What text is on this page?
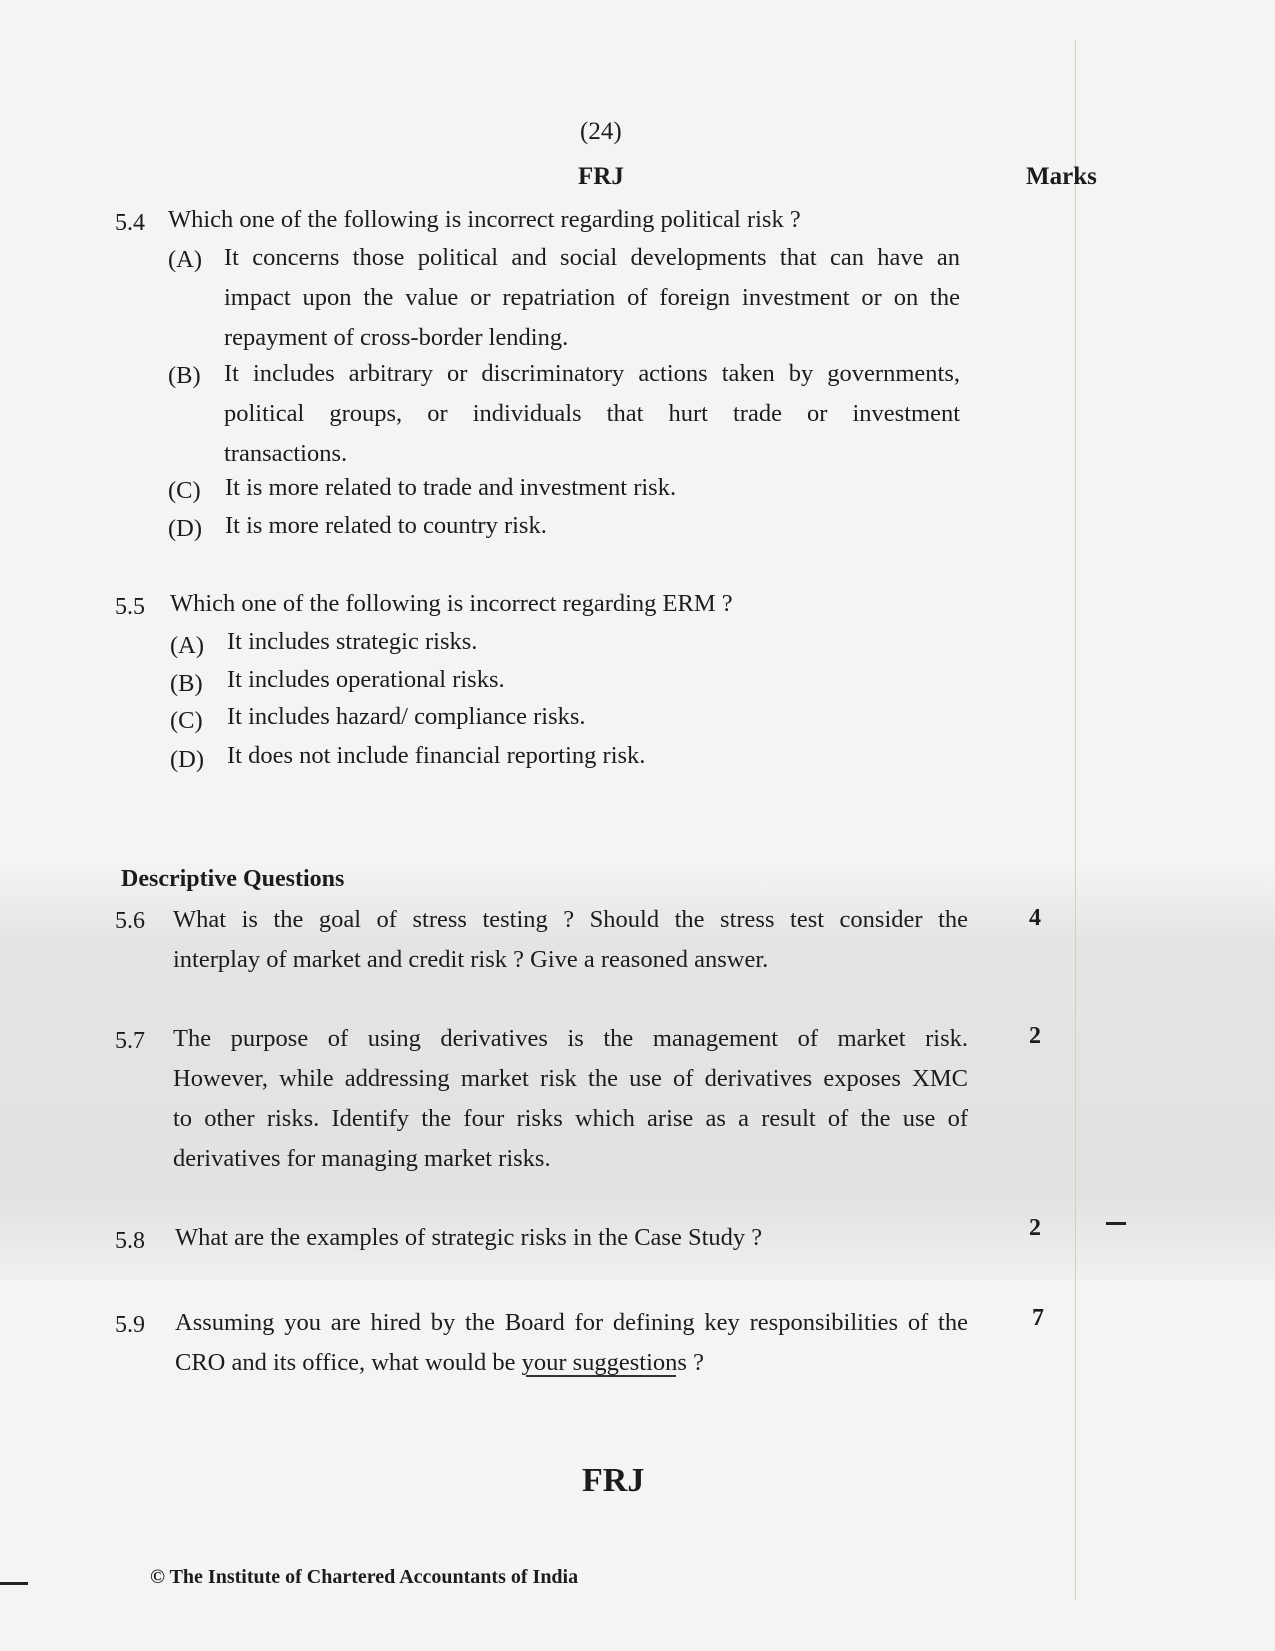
(24)
FRJ	Marks
5.4 Which one of the following is incorrect regarding political risk ?
(A) It concerns those political and social developments that can have an
impact upon the value or repatriation of foreign investment or on the
repayment of cross-border lending.
(B) It includes arbitrary or discriminatory actions taken by governments,
political groups, or individuals that hurt trade or investment
transactions.
(C) It is more related to trade and investment risk.
(D) It is more related to country risk.
5.5 Which one of the following is incorrect regarding ERM ?
(A) It includes strategic risks.
(B) It includes operational risks.
(C) It includes hazard/ compliance risks.
(D) It does not include financial reporting risk.
Descriptive Questions
5.6 What is the goal of stress testing ? Should the stress test consider the
interplay of market and credit risk ? Give a reasoned answer.
4
5.7 The purpose of using derivatives is the management of market risk.
However, while addressing market risk the use of derivatives exposes XMC
to other risks. Identify the four risks which arise as a result of the use of
derivatives for managing market risks.
2
5.8 What are the examples of strategic risks in the Case Study ?	2
5.9 Assuming you are hired by the Board for defining key responsibilities of the
CRO and its office, what would be your suggestions ?
7
FRJ
© The Institute of Chartered Accountants of India
